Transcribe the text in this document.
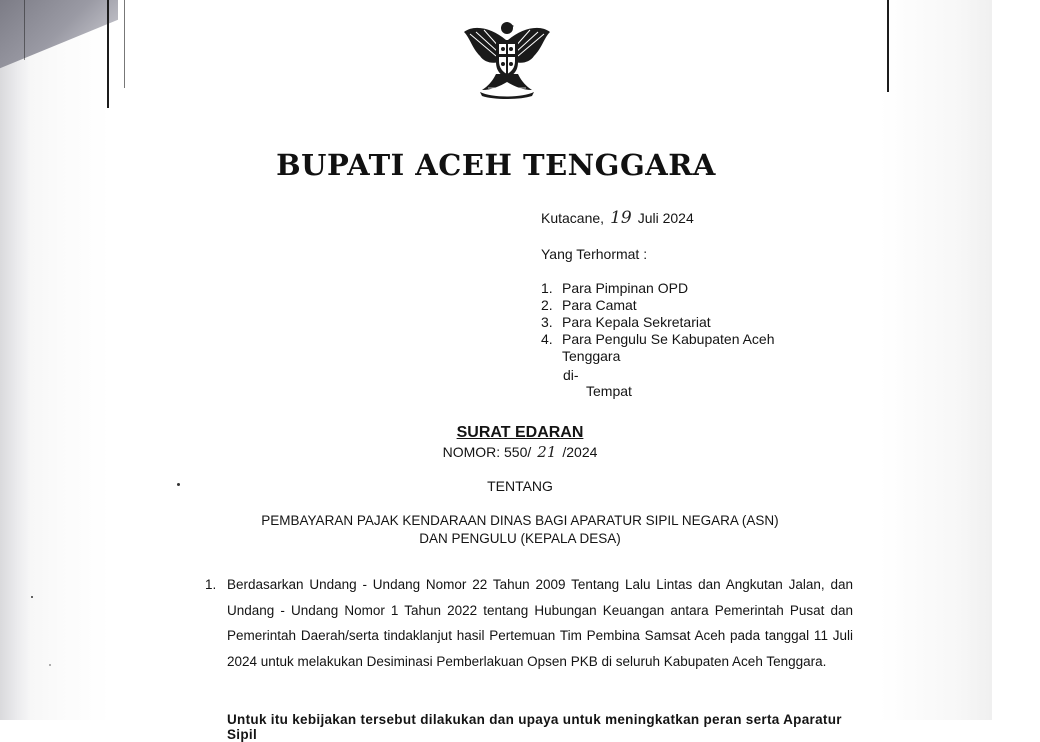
BUPATI ACEH TENGGARA
Kutacane, 19 Juli 2024
Yang Terhormat :
1. Para Pimpinan OPD
2. Para Camat
3. Para Kepala Sekretariat
4. Para Pengulu Se Kabupaten Aceh
Tenggara
di-
Tempat
SURAT EDARAN
NOMOR: 550/ 21 /2024
TENTANG
PEMBAYARAN PAJAK KENDARAAN DINAS BAGI APARATUR SIPIL NEGARA (ASN)
DAN PENGULU (KEPALA DESA)
1. Berdasarkan Undang - Undang Nomor 22 Tahun 2009 Tentang Lalu Lintas dan Angkutan Jalan, dan Undang - Undang Nomor 1 Tahun 2022 tentang Hubungan Keuangan antara Pemerintah Pusat dan Pemerintah Daerah/serta tindaklanjut hasil Pertemuan Tim Pembina Samsat Aceh pada tanggal 11 Juli 2024 untuk melakukan Desiminasi Pemberlakuan Opsen PKB di seluruh Kabupaten Aceh Tenggara.
Untuk itu kebijakan tersebut dilakukan dan upaya untuk meningkatkan peran serta Aparatur Sipil
